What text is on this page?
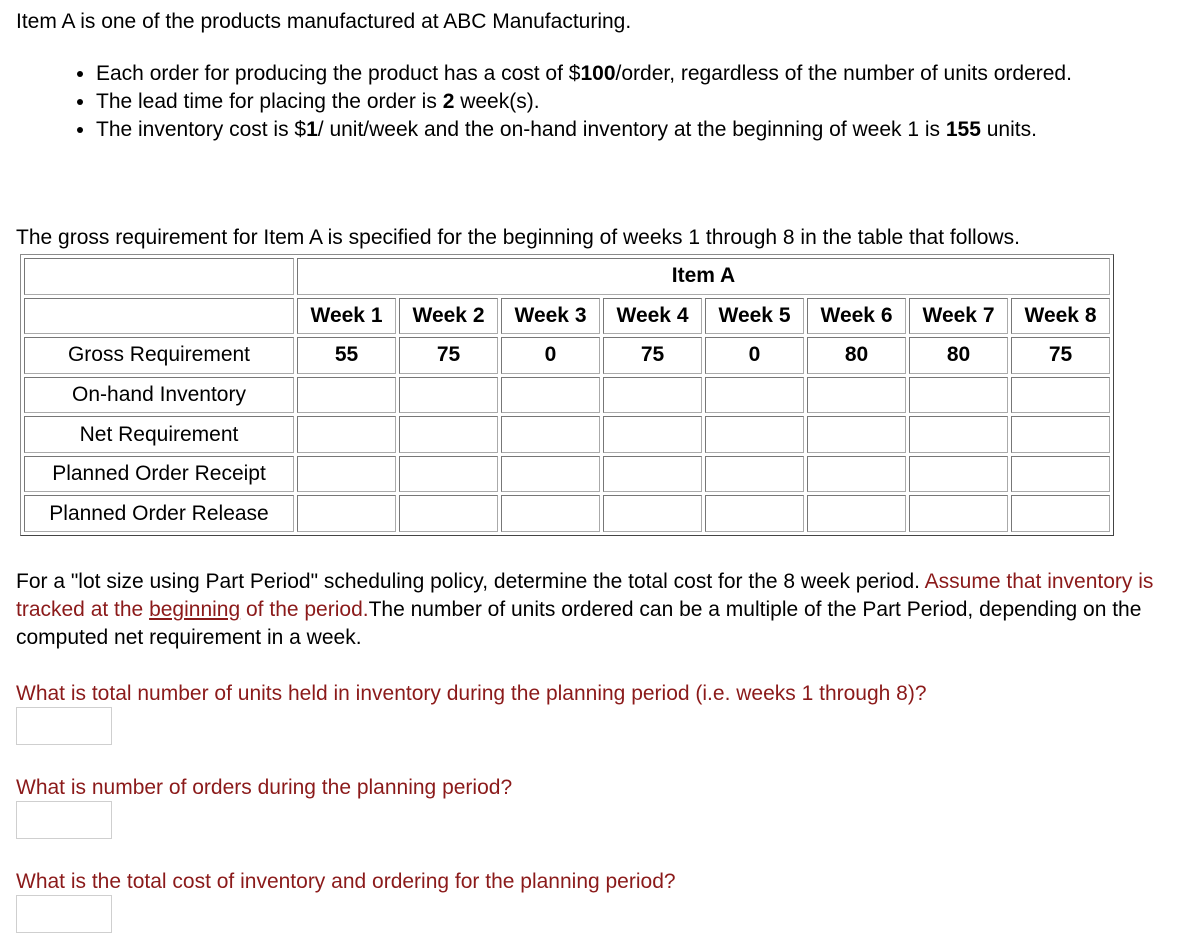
Item A is one of the products manufactured at ABC Manufacturing.

• Each order for producing the product has a cost of $100/order, regardless of the number of units ordered.
• The lead time for placing the order is 2 week(s).
• The inventory cost is $1/ unit/week and the on-hand inventory at the beginning of week 1 is 155 units.

The gross requirement for Item A is specified for the beginning of weeks 1 through 8 in the table that follows.

	Item A							
	Week 1	Week 2	Week 3	Week 4	Week 5	Week 6	Week 7	Week 8
Gross Requirement	55	75	0	75	0	80	80	75
On-hand Inventory								
Net Requirement								
Planned Order Receipt								
Planned Order Release								

For a "lot size using Part Period" scheduling policy, determine the total cost for the 8 week period. Assume that inventory is tracked at the beginning of the period.The number of units ordered can be a multiple of the Part Period, depending on the computed net requirement in a week.

What is total number of units held in inventory during the planning period (i.e. weeks 1 through 8)?

What is number of orders during the planning period?

What is the total cost of inventory and ordering for the planning period?
